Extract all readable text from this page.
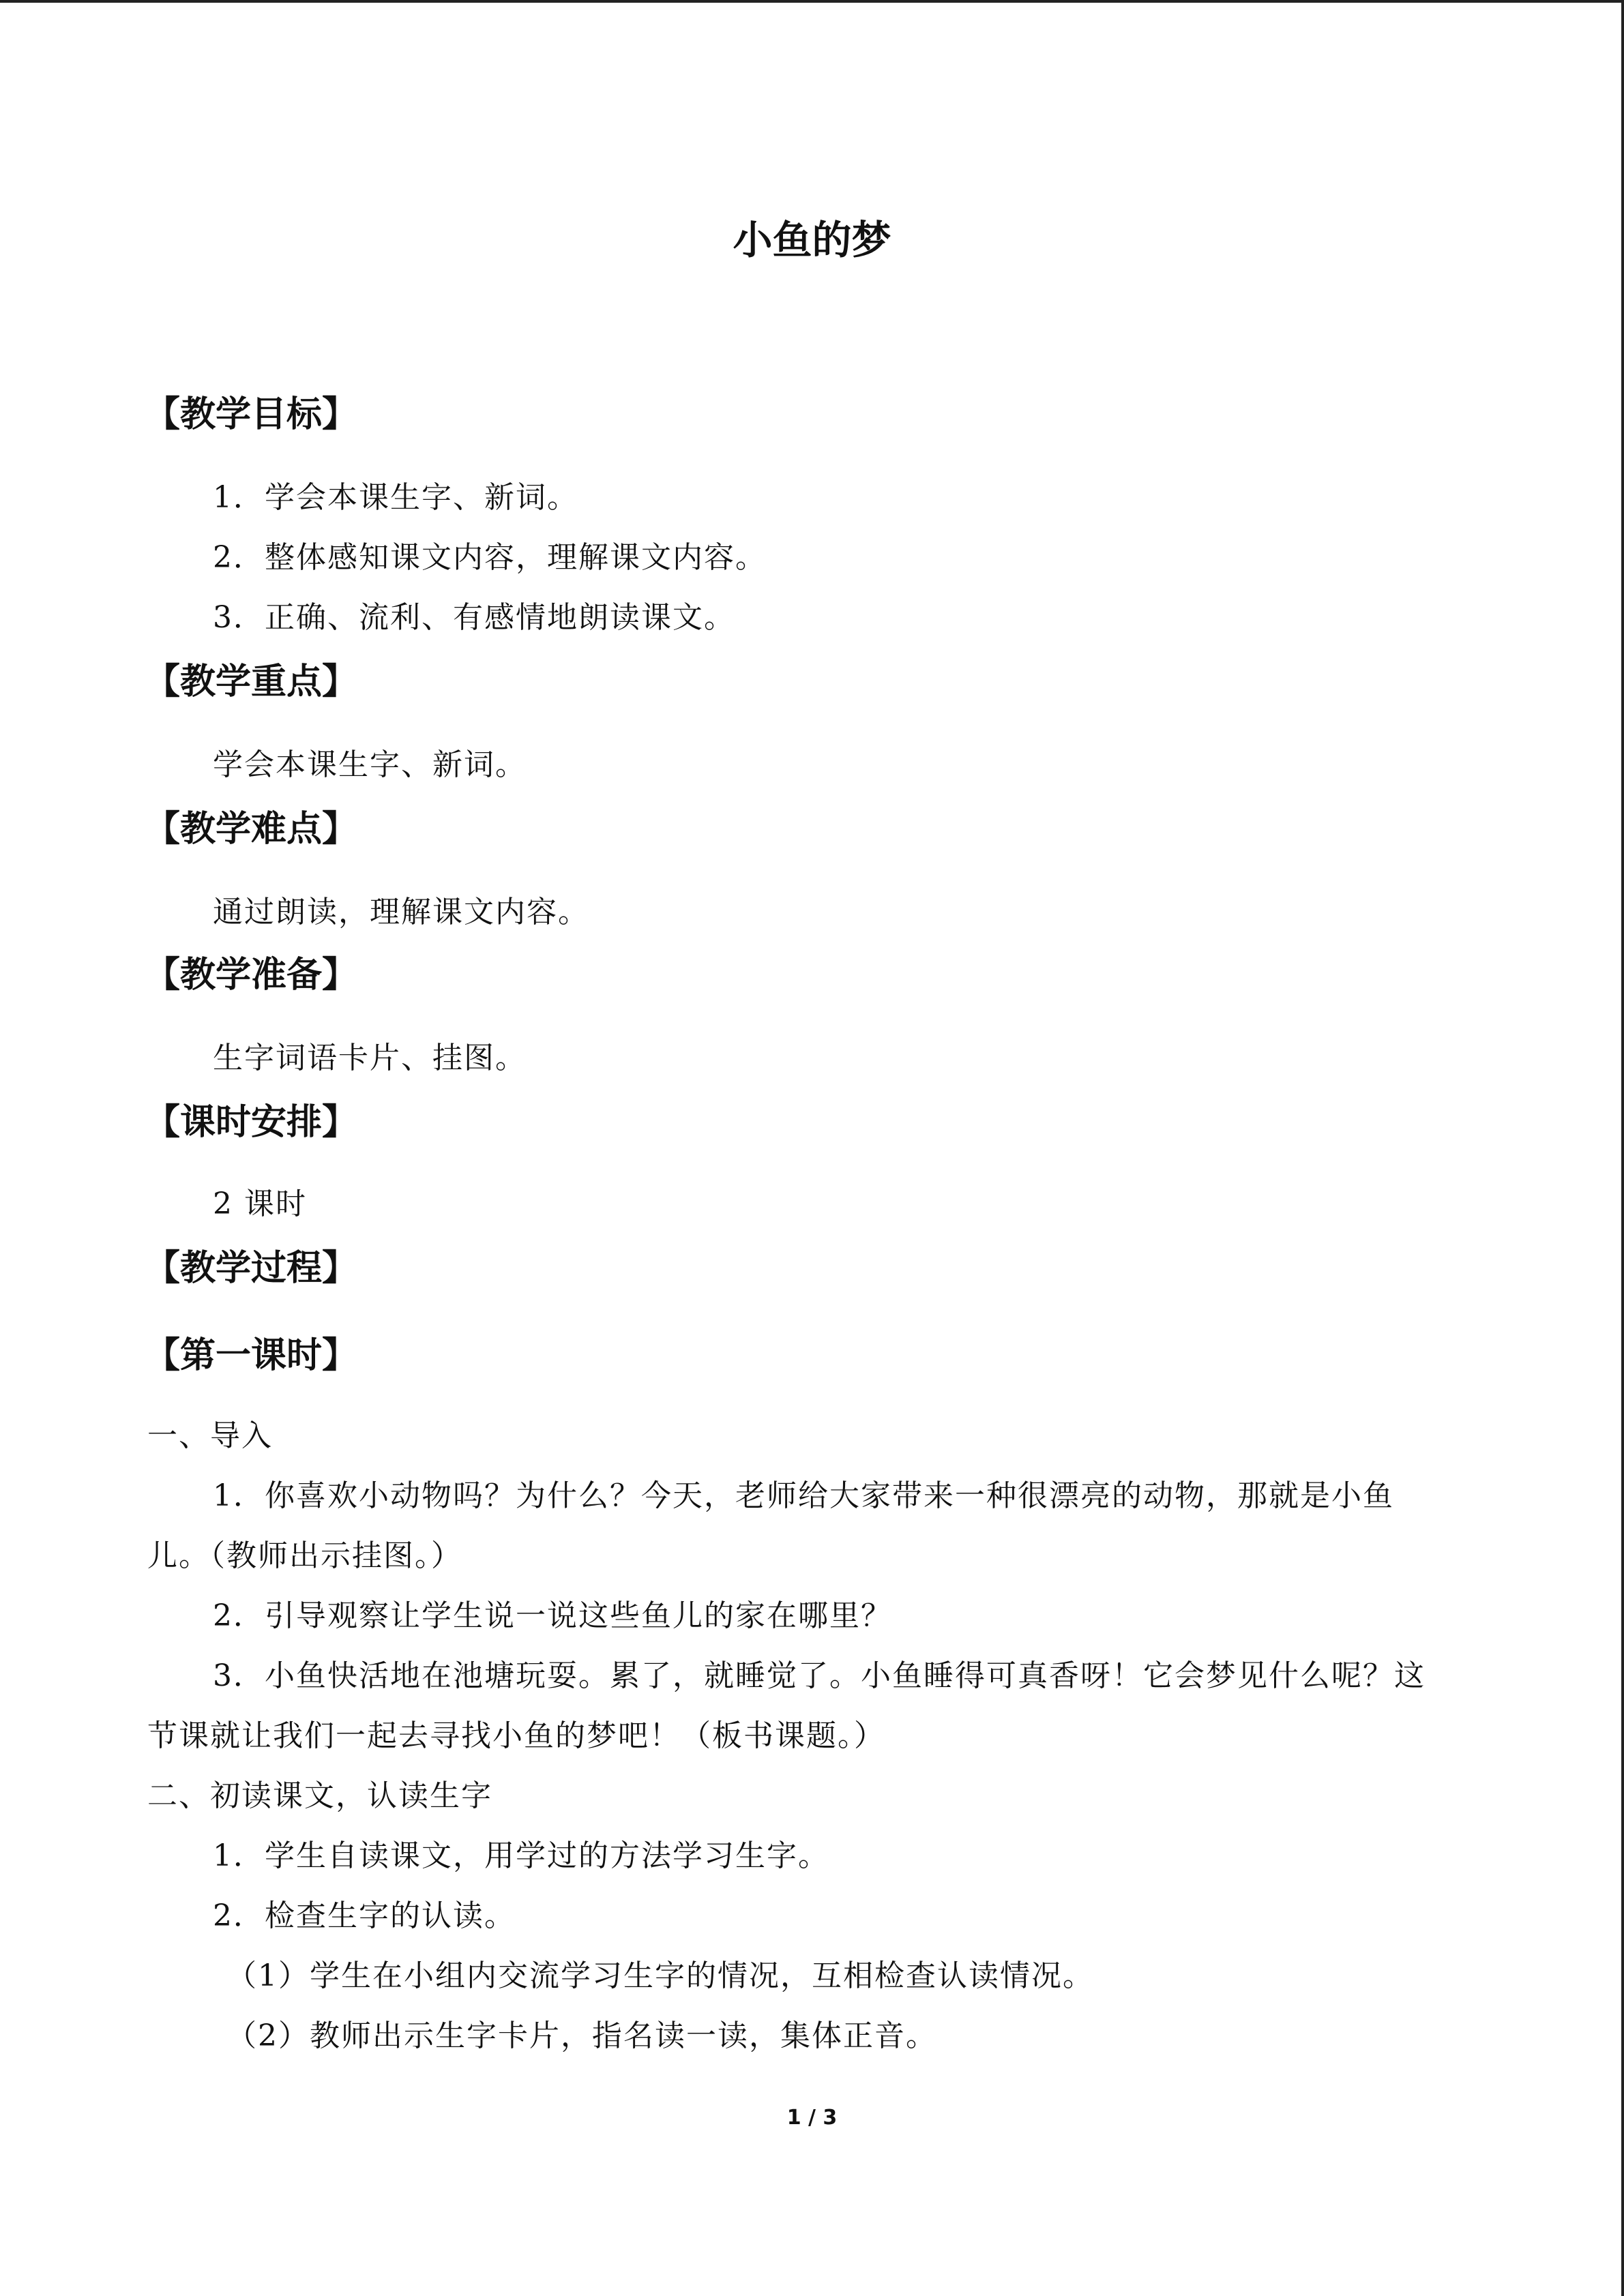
小鱼的梦
【教学目标】
1．学会本课生字、新词。
2．整体感知课文内容，理解课文内容。
3．正确、流利、有感情地朗读课文。
【教学重点】
学会本课生字、新词。
【教学难点】
通过朗读，理解课文内容。
【教学准备】
生字词语卡片、挂图。
【课时安排】
2 课时
【教学过程】
【第一课时】
一、导入
1．你喜欢小动物吗？为什么？今天，老师给大家带来一种很漂亮的动物，那就是小鱼
儿。（教师出示挂图。）
2．引导观察让学生说一说这些鱼儿的家在哪里？
3．小鱼快活地在池塘玩耍。累了，就睡觉了。小鱼睡得可真香呀！它会梦见什么呢？这
节课就让我们一起去寻找小鱼的梦吧！（板书课题。）
二、初读课文，认读生字
1．学生自读课文，用学过的方法学习生字。
2．检查生字的认读。
（1）学生在小组内交流学习生字的情况，互相检查认读情况。
（2）教师出示生字卡片，指名读一读，集体正音。
1 / 3
